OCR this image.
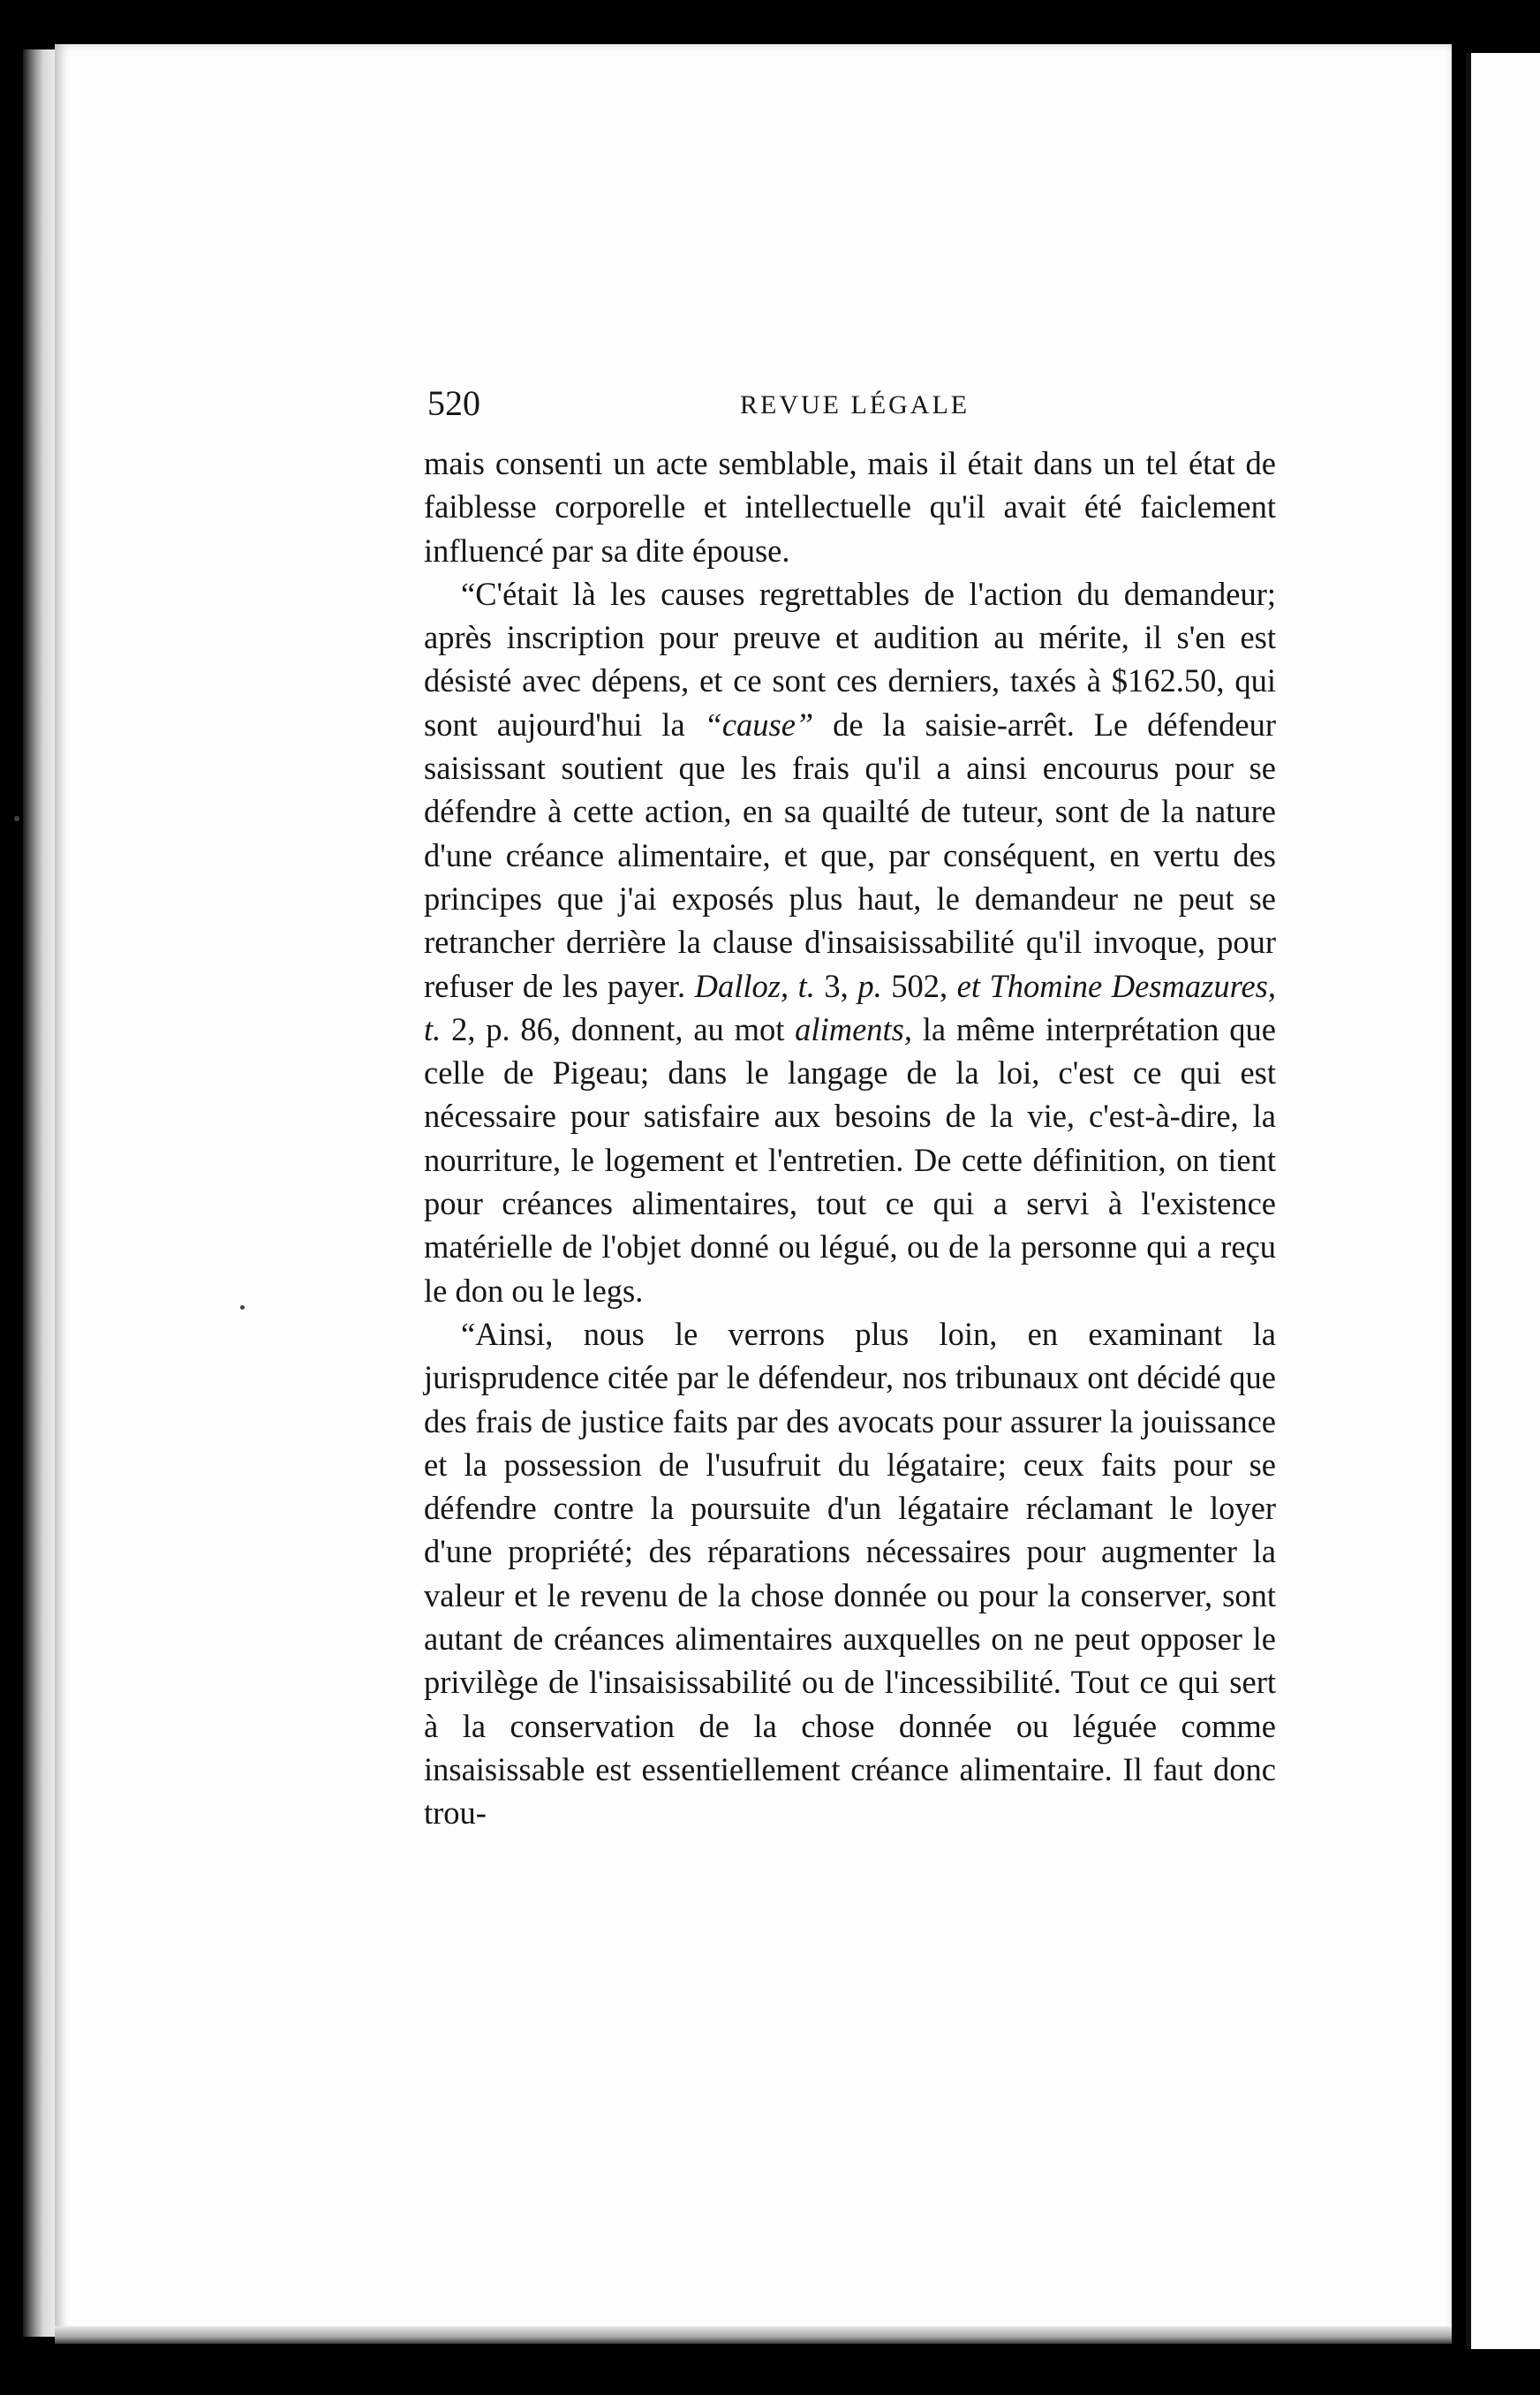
520	REVUE LÉGALE

mais consenti un acte semblable, mais il était dans un tel état de faiblesse corporelle et intellectuelle qu'il avait été faiclement influencé par sa dite épouse.

“C'était là les causes regrettables de l'action du demandeur; après inscription pour preuve et audition au mérite, il s'en est désisté avec dépens, et ce sont ces derniers, taxés à $162.50, qui sont aujourd'hui la “cause” de la saisie-arrêt. Le défendeur saisissant soutient que les frais qu'il a ainsi encourus pour se défendre à cette action, en sa quailté de tuteur, sont de la nature d'une créance alimentaire, et que, par conséquent, en vertu des principes que j'ai exposés plus haut, le demandeur ne peut se retrancher derrière la clause d'insaisissabilité qu'il invoque, pour refuser de les payer. Dalloz, t. 3, p. 502, et Thomine Desmazures, t. 2, p. 86, donnent, au mot aliments, la même interprétation que celle de Pigeau; dans le langage de la loi, c'est ce qui est nécessaire pour satisfaire aux besoins de la vie, c'est-à-dire, la nourriture, le logement et l'entretien. De cette définition, on tient pour créances alimentaires, tout ce qui a servi à l'existence matérielle de l'objet donné ou légué, ou de la personne qui a reçu le don ou le legs.

“Ainsi, nous le verrons plus loin, en examinant la jurisprudence citée par le défendeur, nos tribunaux ont décidé que des frais de justice faits par des avocats pour assurer la jouissance et la possession de l'usufruit du légataire; ceux faits pour se défendre contre la poursuite d'un légataire réclamant le loyer d'une propriété; des réparations nécessaires pour augmenter la valeur et le revenu de la chose donnée ou pour la conserver, sont autant de créances alimentaires auxquelles on ne peut opposer le privilège de l'insaisissabilité ou de l'incessibilité. Tout ce qui sert à la conservation de la chose donnée ou léguée comme insaisissable est essentiellement créance alimentaire. Il faut donc trou-
